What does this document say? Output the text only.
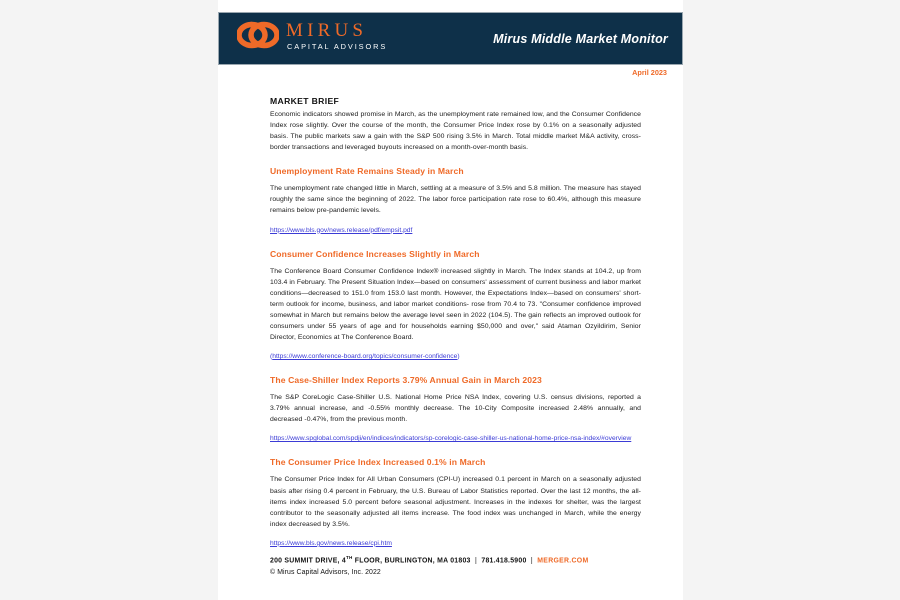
MIRUS
CAPITAL ADVISORS
Mirus Middle Market Monitor
April 2023
MARKET BRIEF

Economic indicators showed promise in March, as the unemployment rate remained low, and the Consumer Confidence Index rose slightly. Over the course of the month, the Consumer Price Index rose by 0.1% on a seasonally adjusted basis. The public markets saw a gain with the S&P 500 rising 3.5% in March. Total middle market M&A activity, cross-border transactions and leveraged buyouts increased on a month-over-month basis.

Unemployment Rate Remains Steady in March

The unemployment rate changed little in March, settling at a measure of 3.5% and 5.8 million. The measure has stayed roughly the same since the beginning of 2022. The labor force participation rate rose to 60.4%, although this measure remains below pre-pandemic levels.

https://www.bls.gov/news.release/pdf/empsit.pdf
Consumer Confidence Increases Slightly in March

The Conference Board Consumer Confidence Index® increased slightly in March. The Index stands at 104.2, up from 103.4 in February. The Present Situation Index—based on consumers' assessment of current business and labor market conditions—decreased to 151.0 from 153.0 last month. However, the Expectations Index—based on consumers' short-term outlook for income, business, and labor market conditions- rose from 70.4 to 73. "Consumer confidence improved somewhat in March but remains below the average level seen in 2022 (104.5). The gain reflects an improved outlook for consumers under 55 years of age and for households earning $50,000 and over," said Ataman Ozyildirim, Senior Director, Economics at The Conference Board.

(https://www.conference-board.org/topics/consumer-confidence)
The Case-Shiller Index Reports 3.79% Annual Gain in March 2023

The S&P CoreLogic Case-Shiller U.S. National Home Price NSA Index, covering U.S. census divisions, reported a 3.79% annual increase, and -0.55% monthly decrease. The 10-City Composite increased 2.48% annually, and decreased -0.47%, from the previous month.

https://www.spglobal.com/spdji/en/indices/indicators/sp-corelogic-case-shiller-us-national-home-price-nsa-index/#overview
The Consumer Price Index Increased 0.1% in March

The Consumer Price Index for All Urban Consumers (CPI-U) increased 0.1 percent in March on a seasonally adjusted basis after rising 0.4 percent in February, the U.S. Bureau of Labor Statistics reported. Over the last 12 months, the all-items index increased 5.0 percent before seasonal adjustment. Increases in the indexes for shelter, was the largest contributor to the seasonally adjusted all items increase. The food index was unchanged in March, while the energy index decreased by 3.5%.

https://www.bls.gov/news.release/cpi.htm
200 SUMMIT DRIVE, 4TH FLOOR, BURLINGTON, MA 01803 | 781.418.5900 | MERGER.COM
© Mirus Capital Advisors, Inc. 2022
